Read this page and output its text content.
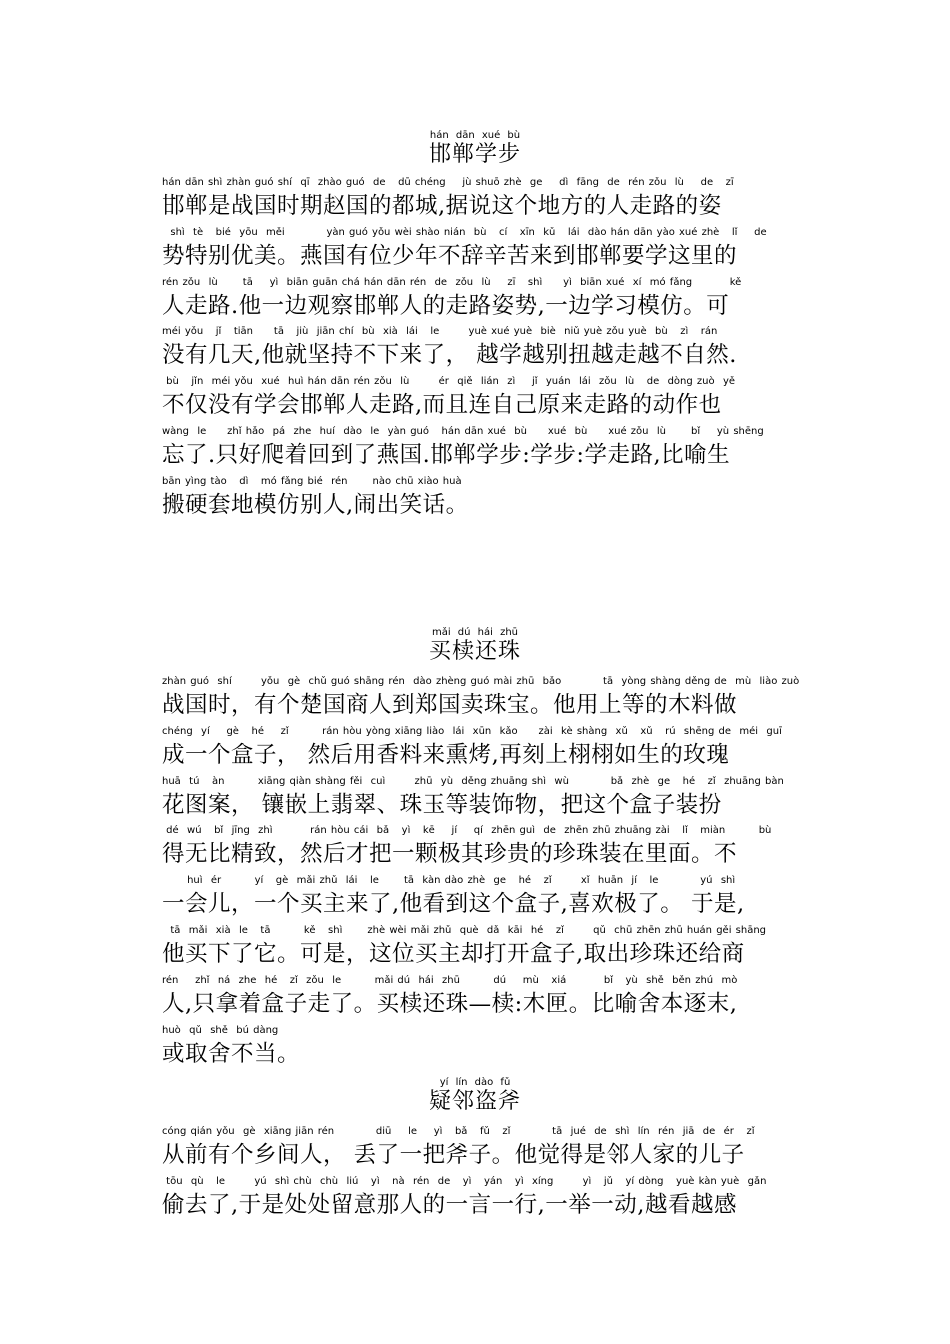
hán dān xué bù
邯郸学步
hán dān shì zhàn guó shí  qī  zhào guó  de   dū chéng    jù shuō zhè  ge    dì  fāng  de  rén zǒu  lù    de   zī
邯郸是战国时期赵国的都城,据说这个地方的人走路的姿
shì  tè   bié  yōu  měi          yàn guó yǒu wèi shào nián  bù   cí   xīn  kǔ   lái  dào hán dān yào xué zhè   lǐ    de
势特别优美。燕国有位少年不辞辛苦来到邯郸要学这里的
rén zǒu  lù      tā    yì  biān guān chá hán dān rén  de  zǒu  lù    zī   shì     yì  biān xué  xí  mó fǎng         kě
人走路.他一边观察邯郸人的走路姿势,一边学习模仿。可
méi yǒu   jǐ   tiān     tā   jiù  jiān chí  bù  xià  lái   le       yuè xué yuè  biè  niǔ yuè zǒu yuè  bù   zì   rán
没有几天,他就坚持不下来了， 越学越别扭越走越不自然.
bù   jǐn  méi yǒu  xué  huì hán dān rén zǒu  lù       ér  qiě  lián  zì    jǐ  yuán  lái  zǒu  lù   de  dòng zuò  yě
不仅没有学会邯郸人走路,而且连自己原来走路的动作也
wàng  le     zhǐ hǎo  pá  zhe  huí  dào  le  yàn guó   hán dān xué  bù     xué  bù     xué zǒu  lù      bǐ    yù shēng
忘了.只好爬着回到了燕国.邯郸学步:学步:学走路,比喻生
bān yìng tào   dì   mó fǎng bié  rén      nào chū xiào huà
搬硬套地模仿别人,闹出笑话。
mǎi dú hái zhū
买椟还珠
zhàn guó  shí       yǒu  gè  chǔ guó shāng rén  dào zhèng guó mài zhū  bǎo          tā  yòng shàng děng de  mù  liào zuò
战国时，有个楚国商人到郑国卖珠宝。他用上等的木料做
chéng  yí    gè   hé    zǐ        rán hòu yòng xiāng liào  lái  xūn  kǎo     zài  kè shàng  xǔ   xǔ   rú  shēng de  méi  guī
成一个盒子， 然后用香料来熏烤,再刻上栩栩如生的玫瑰
huā  tú   àn        xiāng qiàn shàng fěi  cuì       zhū  yù  děng zhuāng shì  wù          bǎ  zhè  ge   hé   zǐ  zhuāng bàn
花图案， 镶嵌上翡翠、珠玉等装饰物，把这个盒子装扮
dé  wú   bǐ  jīng  zhì         rán hòu cái  bǎ   yì   kē    jí    qí  zhēn guì  de  zhēn zhū zhuāng zài   lǐ   miàn        bù
得无比精致，然后才把一颗极其珍贵的珍珠装在里面。不
huì  ér        yí   gè  mǎi zhǔ  lái   le      tā  kàn dào zhè  ge   hé   zǐ       xǐ  huān  jí   le          yú  shì
一会儿，一个买主来了,他看到这个盒子,喜欢极了。 于是,
tā  mǎi  xià  le   tā        kě   shì      zhè wèi mǎi zhǔ  què  dǎ  kāi  hé   zǐ       qǔ  chū zhēn zhū huán gěi shāng
他买下了它。可是，这位买主却打开盒子,取出珍珠还给商
rén    zhǐ  ná  zhe  hé   zǐ  zǒu  le        mǎi dú  hái  zhū        dú    mù   xiá         bǐ   yù  shě  běn zhú  mò
人,只拿着盒子走了。买椟还珠—椟:木匣。比喻舍本逐末,
huò  qǔ  shě  bú dàng
或取舍不当。
yí lín dào fǔ
疑邻盗斧
cóng qián yǒu  gè  xiāng jiān rén          diū    le    yì   bǎ   fǔ   zǐ          tā  jué  de  shì  lín  rén  jiā  de  ér   zǐ
从前有个乡间人， 丢了一把斧子。他觉得是邻人家的儿子
tōu  qù   le       yú  shì chù  chù  liú   yì   nà  rén  de   yì   yán   yì  xíng       yì   jǔ   yí dòng   yuè kàn yuè  gǎn
偷去了,于是处处留意那人的一言一行,一举一动,越看越感
